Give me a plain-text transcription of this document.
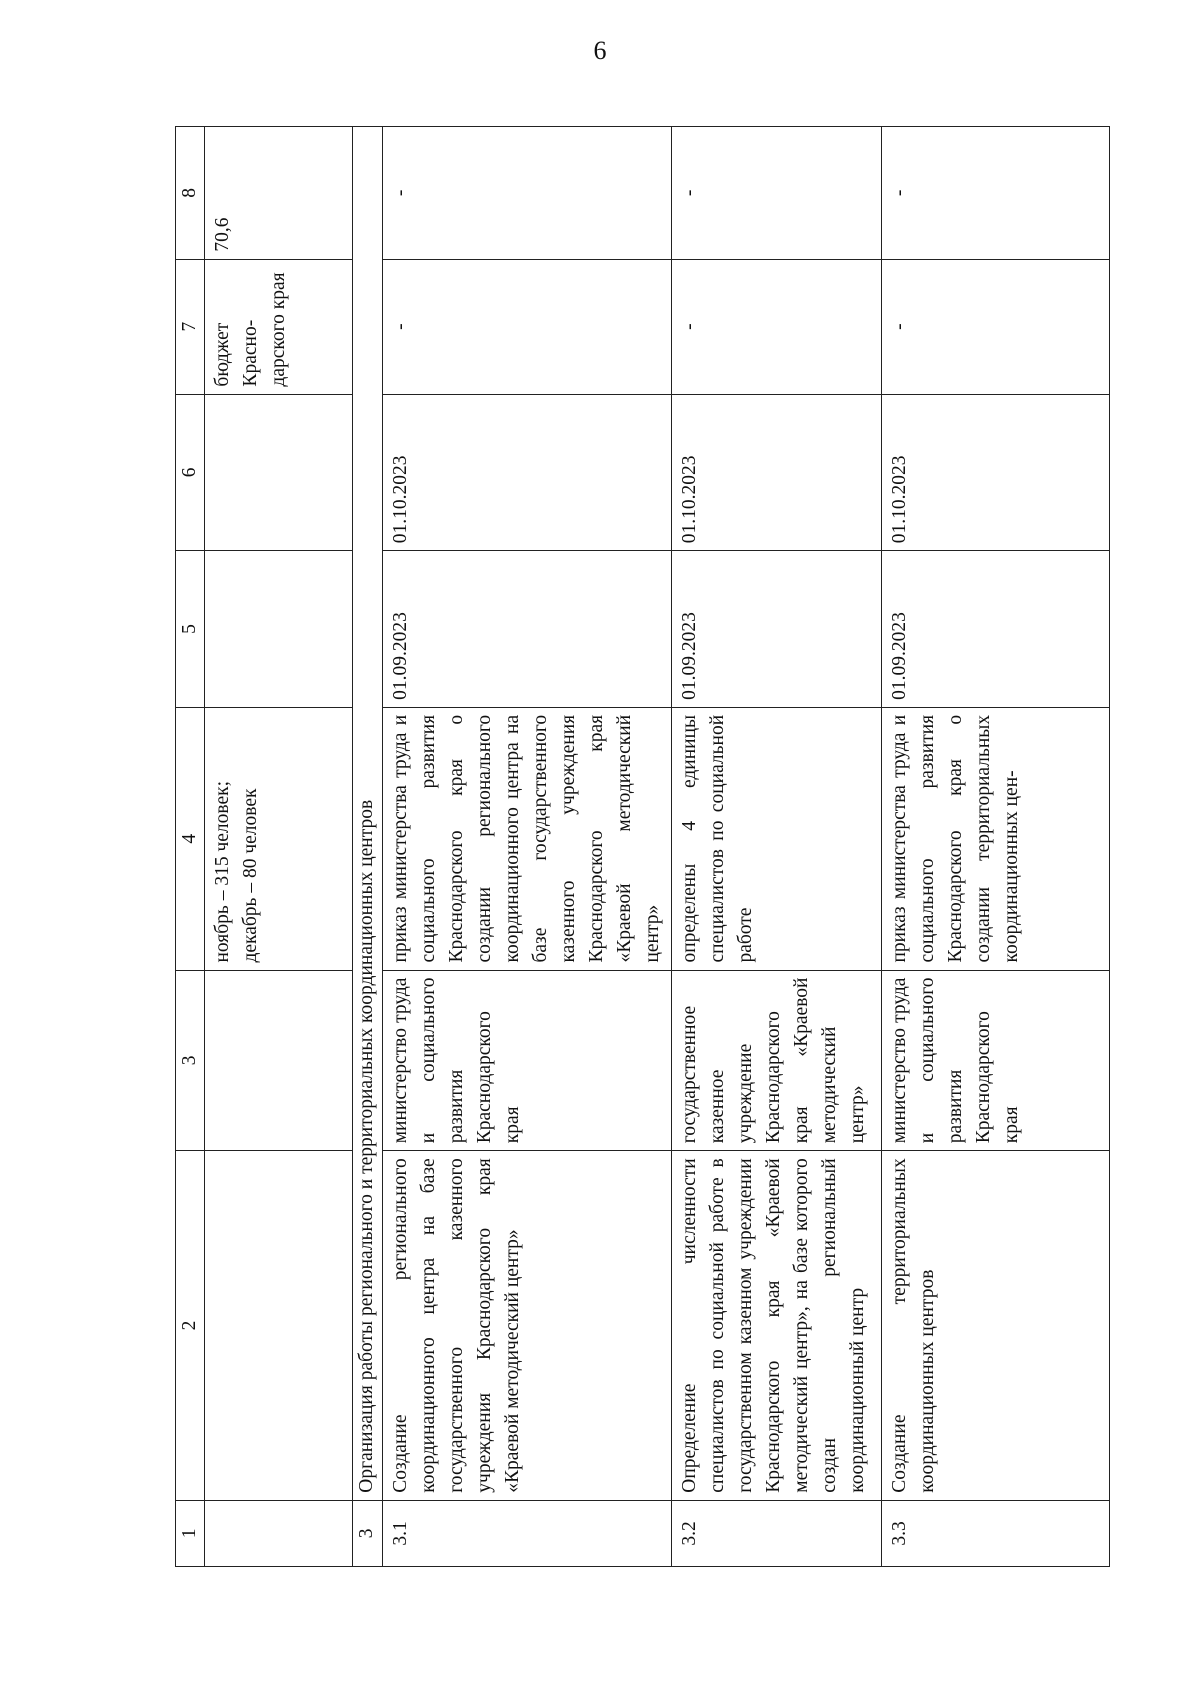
6
1	2	3	4	5	6	7	8
			ноябрь – 315 человек; декабрь – 80 человек			бюджет Красно-дарского края	70,6
3	Организация работы регионального и территориальных координационных центров						
3.1	Создание регионального координационного центра на базе государственного казенного учреждения Краснодарского края «Краевой методический центр»	министерство труда и социального развития Краснодарского края	приказ министерства труда и социального развития Краснодарского края о создании регионального координационного центра на базе государственного казенного учреждения Краснодарского края «Краевой методический центр»	01.09.2023	01.10.2023	-	-
3.2	Определение численности специалистов по социальной работе в государственном казенном учреждении Краснодарского края «Краевой методический центр», на базе которого создан региональный координационный центр	государственное казенное учреждение Краснодарского края «Краевой методический центр»	определены 4 единицы специалистов по социальной работе	01.09.2023	01.10.2023	-	-
3.3	Создание территориальных координационных центров	министерство труда и социального развития Краснодарского края	приказ министерства труда и социального развития Краснодарского края о создании территориальных координационных цен-	01.09.2023	01.10.2023	-	-
